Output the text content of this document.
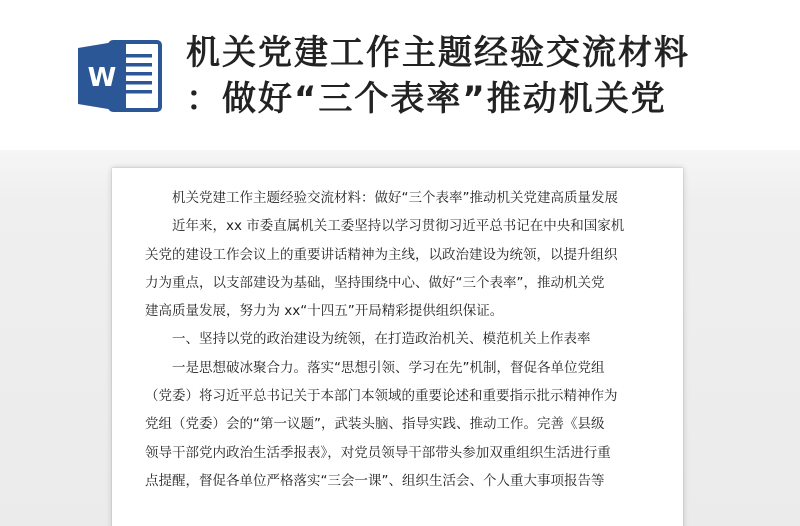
W
机关党建工作主题经验交流材料
：做好“三个表率”推动机关党

机关党建工作主题经验交流材料：做好“三个表率”推动机关党建高质量发展

近年来，xx 市委直属机关工委坚持以学习贯彻习近平总书记在中央和国家机

关党的建设工作会议上的重要讲话精神为主线，以政治建设为统领，以提升组织

力为重点，以支部建设为基础，坚持围绕中心、做好“三个表率”，推动机关党

建高质量发展，努力为 xx“十四五”开局精彩提供组织保证。

一、坚持以党的政治建设为统领，在打造政治机关、模范机关上作表率

一是思想破冰聚合力。落实“思想引领、学习在先”机制，督促各单位党组

（党委）将习近平总书记关于本部门本领域的重要论述和重要指示批示精神作为

党组（党委）会的“第一议题”，武装头脑、指导实践、推动工作。完善《县级

领导干部党内政治生活季报表》，对党员领导干部带头参加双重组织生活进行重

点提醒，督促各单位严格落实“三会一课”、组织生活会、个人重大事项报告等
